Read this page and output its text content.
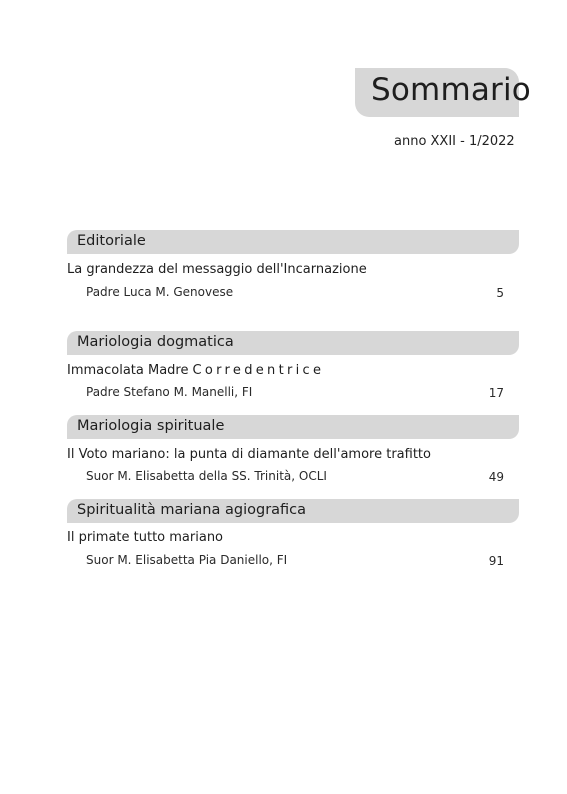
Sommario
anno XXII - 1/2022
Editoriale
La grandezza del messaggio dell'Incarnazione
Padre Luca M. Genovese	5
Mariologia dogmatica
Immacolata Madre Corredentrice
Padre Stefano M. Manelli, FI	17
Mariologia spirituale
Il Voto mariano: la punta di diamante dell'amore trafitto
Suor M. Elisabetta della SS. Trinità, OCLI	49
Spiritualità mariana agiografica
Il primate tutto mariano
Suor M. Elisabetta Pia Daniello, FI	91
